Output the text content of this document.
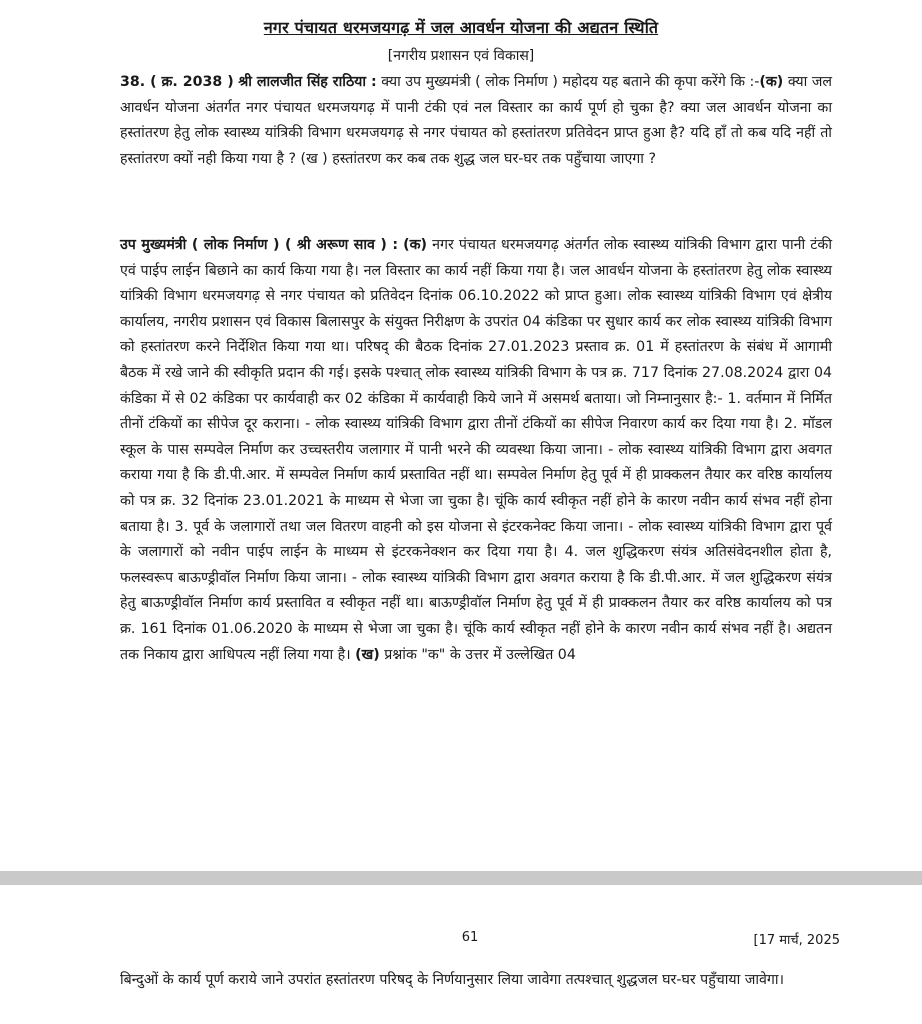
नगर पंचायत धरमजयगढ़ में जल आवर्धन योजना की अद्यतन स्थिति
[नगरीय प्रशासन एवं विकास]

38. ( क्र. 2038 ) श्री लालजीत सिंह राठिया : क्या उप मुख्यमंत्री ( लोक निर्माण ) महोदय यह बताने की कृपा करेंगे कि :-(क) क्या जल आवर्धन योजना अंतर्गत नगर पंचायत धरमजयगढ़ में पानी टंकी एवं नल विस्तार का कार्य पूर्ण हो चुका है? क्या जल आवर्धन योजना का हस्तांतरण हेतु लोक स्वास्थ्य यांत्रिकी विभाग धरमजयगढ़ से नगर पंचायत को हस्तांतरण प्रतिवेदन प्राप्त हुआ है? यदि हाँ तो कब यदि नहीं तो हस्तांतरण क्यों नही किया गया है ? (ख ) हस्तांतरण कर कब तक शुद्ध जल घर-घर तक पहुँचाया जाएगा ?

उप मुख्यमंत्री ( लोक निर्माण ) ( श्री अरूण साव ) : (क) नगर पंचायत धरमजयगढ़ अंतर्गत लोक स्वास्थ्य यांत्रिकी विभाग द्वारा पानी टंकी एवं पाईप लाईन बिछाने का कार्य किया गया है। नल विस्तार का कार्य नहीं किया गया है। जल आवर्धन योजना के हस्तांतरण हेतु लोक स्वास्थ्य यांत्रिकी विभाग धरमजयगढ़ से नगर पंचायत को प्रतिवेदन दिनांक 06.10.2022 को प्राप्त हुआ। लोक स्वास्थ्य यांत्रिकी विभाग एवं क्षेत्रीय कार्यालय, नगरीय प्रशासन एवं विकास बिलासपुर के संयुक्त निरीक्षण के उपरांत 04 कंडिका पर सुधार कार्य कर लोक स्वास्थ्य यांत्रिकी विभाग को हस्तांतरण करने निर्देशित किया गया था। परिषद् की बैठक दिनांक 27.01.2023 प्रस्ताव क्र. 01 में हस्तांतरण के संबंध में आगामी बैठक में रखे जाने की स्वीकृति प्रदान की गई। इसके पश्चात् लोक स्वास्थ्य यांत्रिकी विभाग के पत्र क्र. 717 दिनांक 27.08.2024 द्वारा 04 कंडिका में से 02 कंडिका पर कार्यवाही कर 02 कंडिका में कार्यवाही किये जाने में असमर्थ बताया। जो निम्नानुसार है:- 1. वर्तमान में निर्मित तीनों टंकियों का सीपेज दूर कराना। - लोक स्वास्थ्य यांत्रिकी विभाग द्वारा तीनों टंकियों का सीपेज निवारण कार्य कर दिया गया है। 2. मॉडल स्कूल के पास सम्पवेल निर्माण कर उच्चस्तरीय जलागार में पानी भरने की व्यवस्था किया जाना। - लोक स्वास्थ्य यांत्रिकी विभाग द्वारा अवगत कराया गया है कि डी.पी.आर. में सम्पवेल निर्माण कार्य प्रस्तावित नहीं था। सम्पवेल निर्माण हेतु पूर्व में ही प्राक्कलन तैयार कर वरिष्ठ कार्यालय को पत्र क्र. 32 दिनांक 23.01.2021 के माध्यम से भेजा जा चुका है। चूंकि कार्य स्वीकृत नहीं होने के कारण नवीन कार्य संभव नहीं होना बताया है। 3. पूर्व के जलागारों तथा जल वितरण वाहनी को इस योजना से इंटरकनेक्ट किया जाना। - लोक स्वास्थ्य यांत्रिकी विभाग द्वारा पूर्व के जलागारों को नवीन पाईप लाईन के माध्यम से इंटरकनेक्शन कर दिया गया है। 4. जल शुद्धिकरण संयंत्र अतिसंवेदनशील होता है, फलस्वरूप बाऊण्ड्रीवॉल निर्माण किया जाना। - लोक स्वास्थ्य यांत्रिकी विभाग द्वारा अवगत कराया है कि डी.पी.आर. में जल शुद्धिकरण संयंत्र हेतु बाऊण्ड्रीवॉल निर्माण कार्य प्रस्तावित व स्वीकृत नहीं था। बाऊण्ड्रीवॉल निर्माण हेतु पूर्व में ही प्राक्कलन तैयार कर वरिष्ठ कार्यालय को पत्र क्र. 161 दिनांक 01.06.2020 के माध्यम से भेजा जा चुका है। चूंकि कार्य स्वीकृत नहीं होने के कारण नवीन कार्य संभव नहीं है। अद्यतन तक निकाय द्वारा आधिपत्य नहीं लिया गया है। (ख) प्रश्नांक "क" के उत्तर में उल्लेखित 04

61	[17 मार्च, 2025

बिन्दुओं के कार्य पूर्ण कराये जाने उपरांत हस्तांतरण परिषद् के निर्णयानुसार लिया जावेगा तत्पश्चात् शुद्धजल घर-घर पहुँचाया जावेगा।
